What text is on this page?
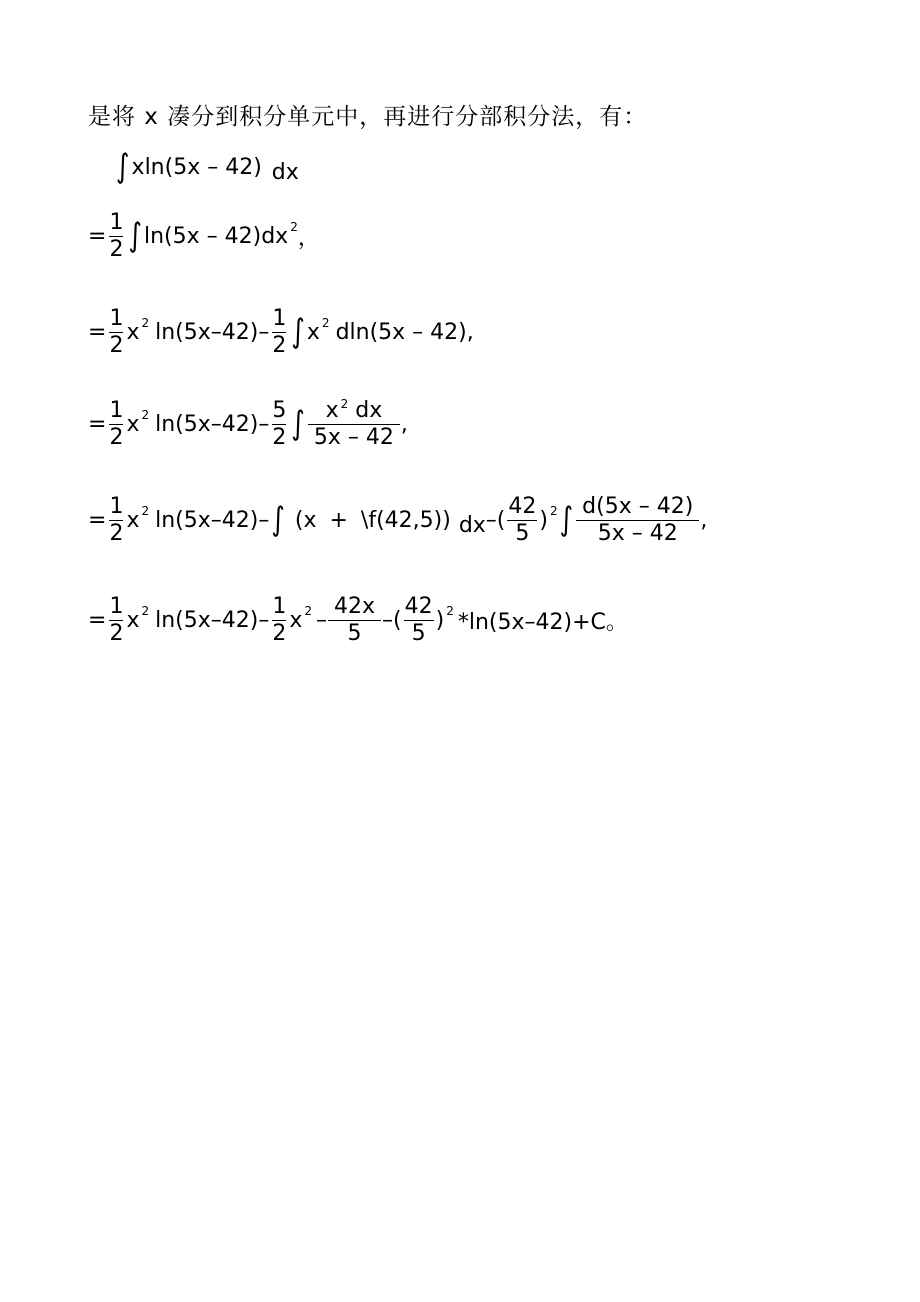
是将 x 凑分到积分单元中，再进行分部积分法，有：
∫ xln(5x – 42) dx
= $\frac{1}{2}$ ∫ ln(5x – 42)dx 2 ，
= $\frac{1}{2}$ x 2 $\ln(5x-42) - \frac{1}{2}$ ∫ x 2 dln(5x – 42),
= $\frac{1}{2}$ x 2 $\ln(5x-42) - \frac{5}{2}$ ∫ $\frac{x ^2 dx}{5x - 42}$ ,
= $\frac{1}{2}$ x 2 ln(5x–42) – ∫ (x + \f(42,5)) dx –( $\frac{42}{5}$ ) 2 ∫ $\frac{d(5x - 42)}{5x - 42}$ ,
= $\frac{1}{2}$ x 2 $\ln(5x-42) - \frac{1}{2}$ x $2 - \frac{42x}{5}$ –( $\frac{42}{5}$ ) 2 *ln(5x–42)+C。
